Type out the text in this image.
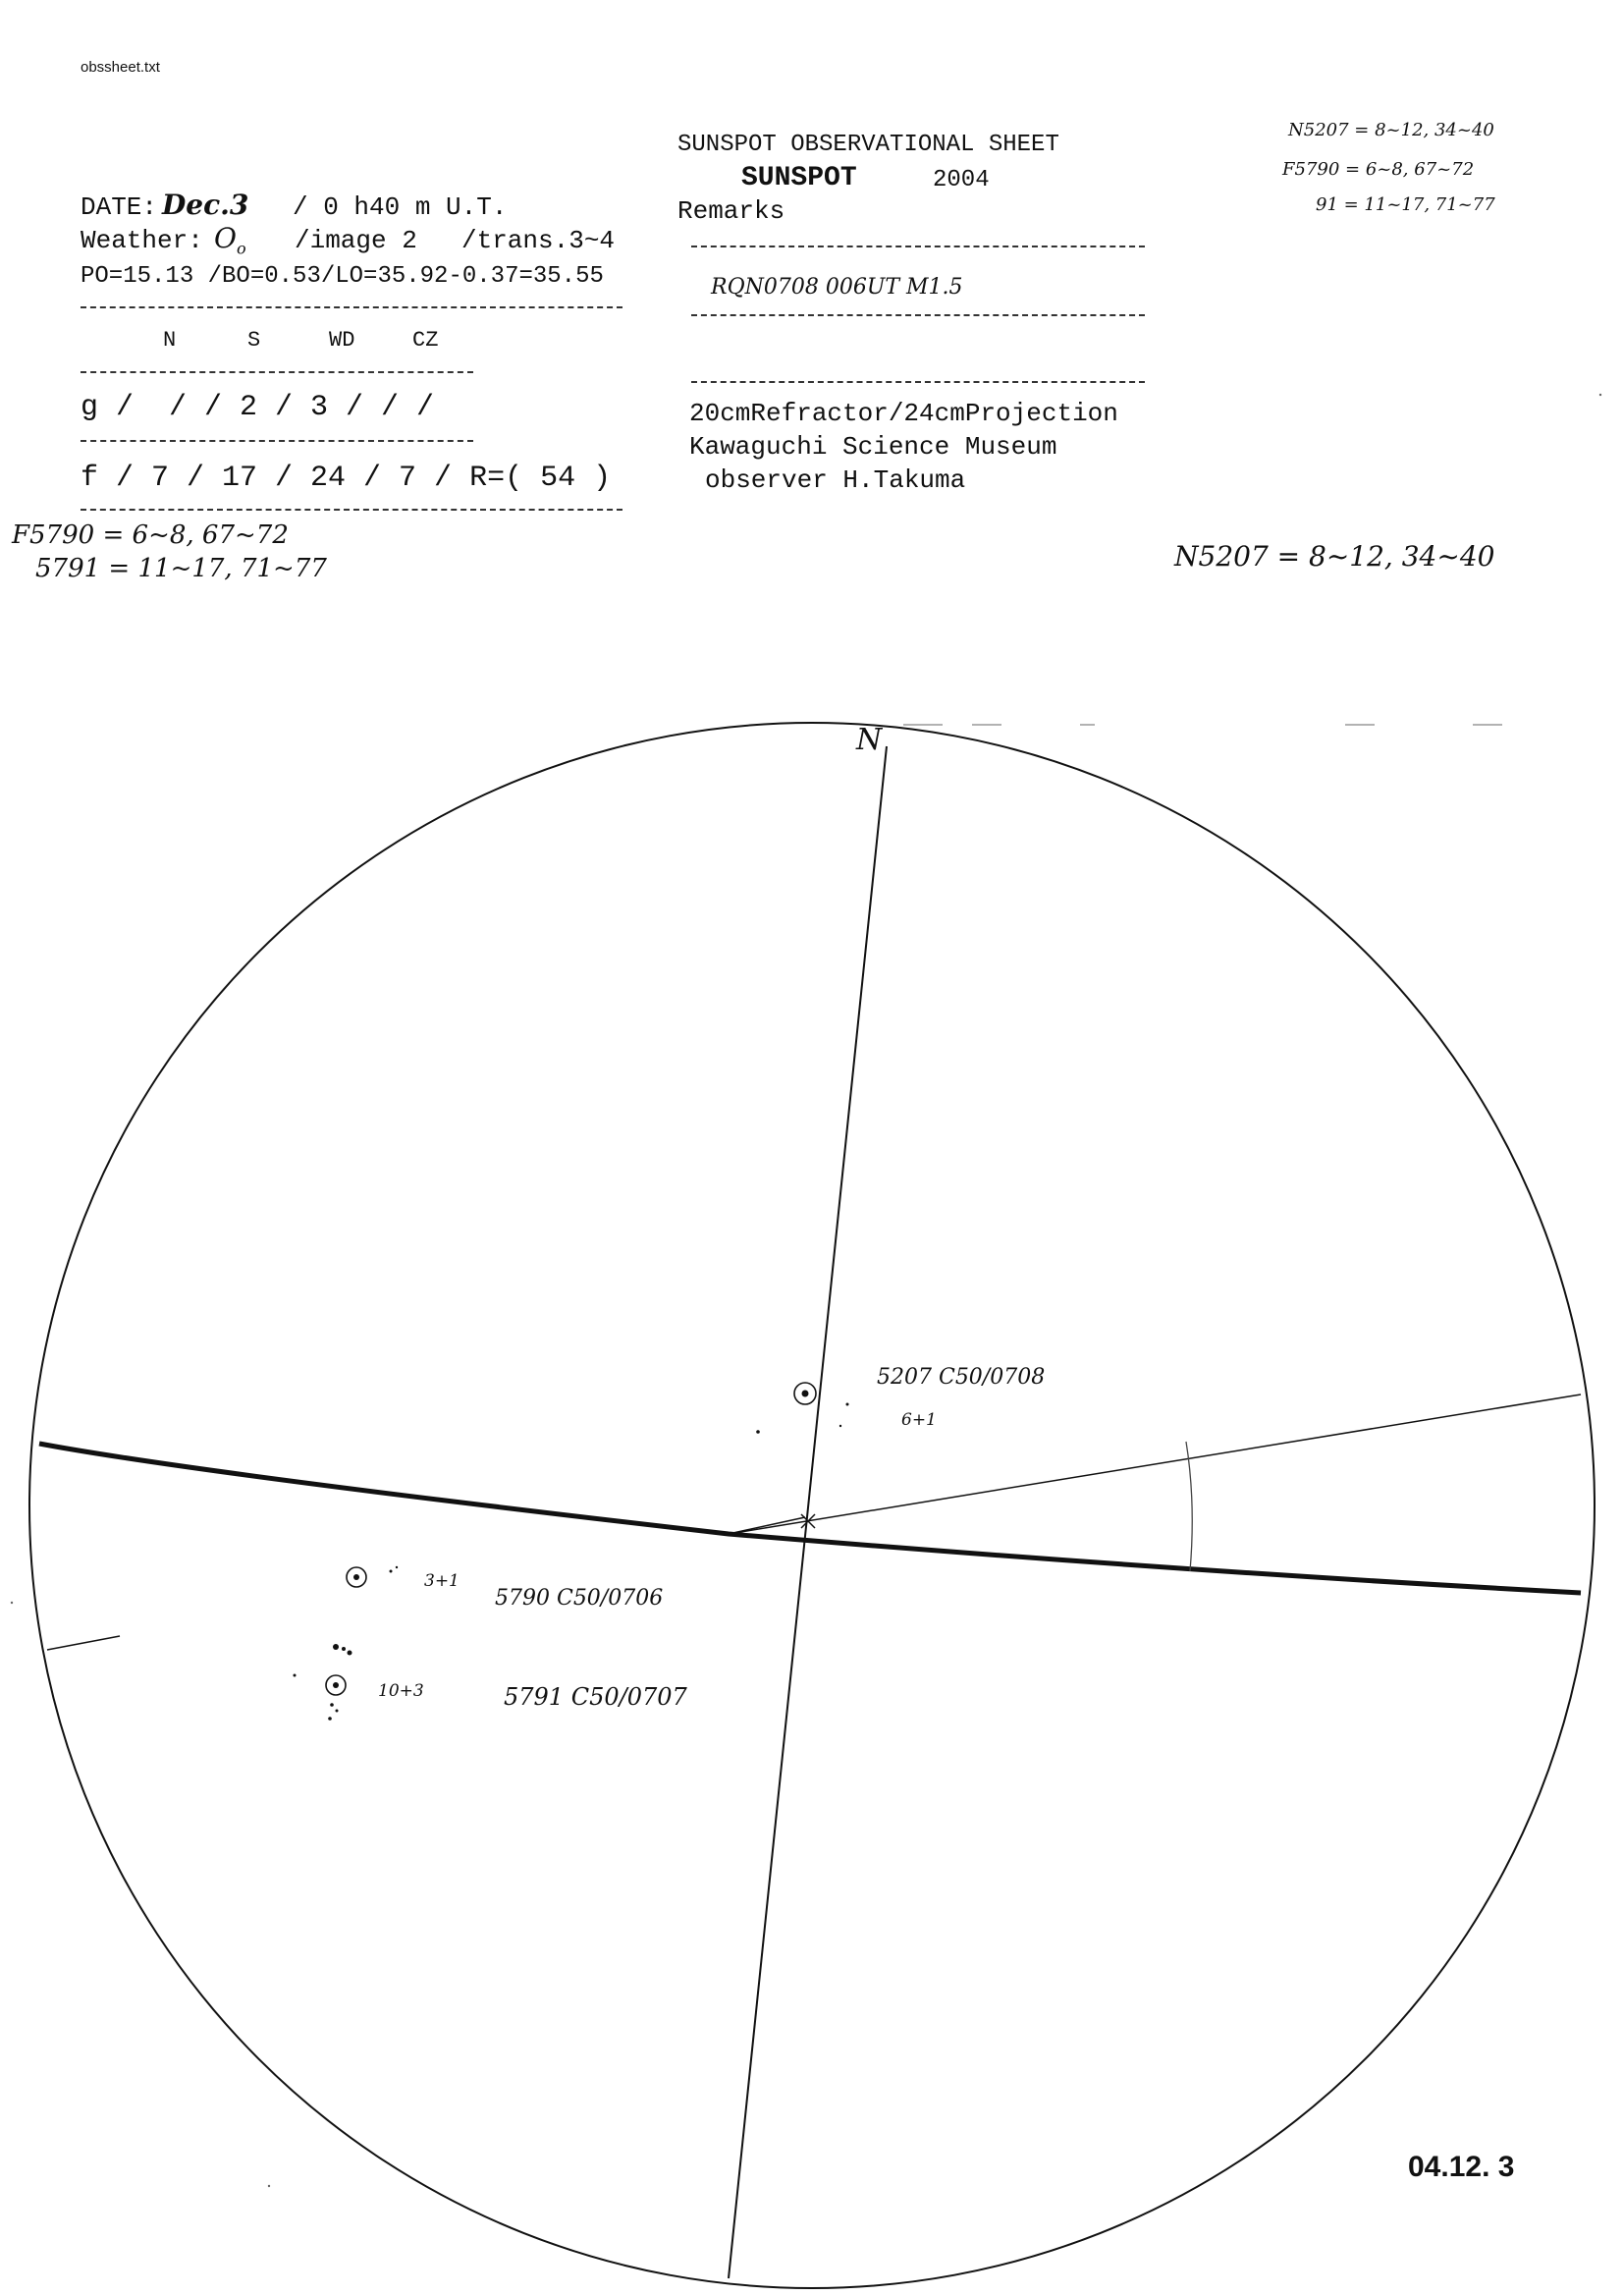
obssheet.txt
SUNSPOT OBSERVATIONAL SHEET
SUNSPOT	2004
N5207 = 8~12, 34~40
F5790 = 6~8, 67~72
91 = 11~17, 71~77
DATE: Dec.3 / 0 h40 m U.T.
Weather: $O_o$ /image 2 /trans.3~4
PO=15.13 /BO=0.53/LO=35.92-0.37=35.55
N	S	WD	CZ
g /  / / 2 / 3 / / /
f / 7 / 17 / 24 / 7 / R=( 54 )
Remarks
RQN0708 006UT M1.5
20cmRefractor/24cmProjection
Kawaguchi Science Museum
observer H.Takuma
F5790 = 6~8, 67~72
5791 = 11~17, 71~77	N5207 = 8~12, 34~40
N
5207 C50/0708
6+1
3+1
5790 C50/0706
10+3	5791 C50/0707
04.12. 3
